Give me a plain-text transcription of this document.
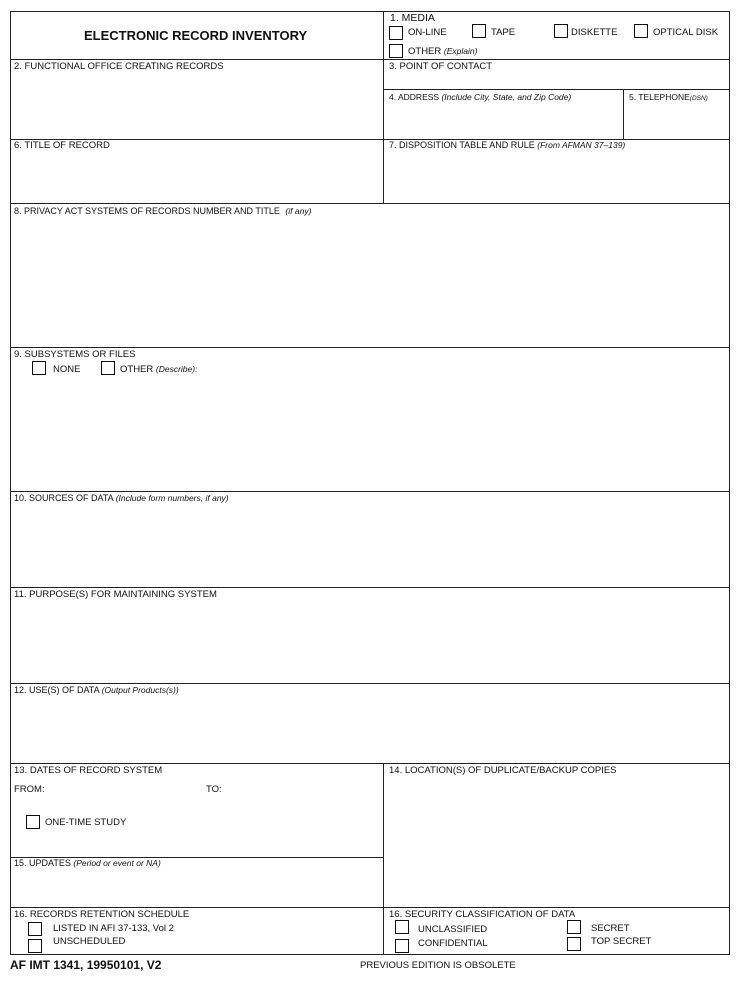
ELECTRONIC RECORD INVENTORY
1. MEDIA
ON-LINE	TAPE	DISKETTE	OPTICAL DISK
OTHER (Explain)
2. FUNCTIONAL OFFICE CREATING RECORDS	3. POINT OF CONTACT
4. ADDRESS (Include City, State, and Zip Code)	5. TELEPHONE(DSN)
6. TITLE OF RECORD	7. DISPOSITION TABLE AND RULE (From AFMAN 37–139)
8. PRIVACY ACT SYSTEMS OF RECORDS NUMBER AND TITLE (if any)
9. SUBSYSTEMS OR FILES
NONE	OTHER (Describe):
10. SOURCES OF DATA (Include form numbers, if any)
11. PURPOSE(S) FOR MAINTAINING SYSTEM
12. USE(S) OF DATA (Output Products(s))
13. DATES OF RECORD SYSTEM
FROM:	TO:
ONE-TIME STUDY
14. LOCATION(S) OF DUPLICATE/BACKUP COPIES
15. UPDATES (Period or event or NA)
16. RECORDS RETENTION SCHEDULE
LISTED IN AFI 37-133, Vol 2
UNSCHEDULED
16. SECURITY CLASSIFICATION OF DATA
UNCLASSIFIED	SECRET
CONFIDENTIAL	TOP SECRET
AF IMT 1341, 19950101, V2	PREVIOUS EDITION IS OBSOLETE
